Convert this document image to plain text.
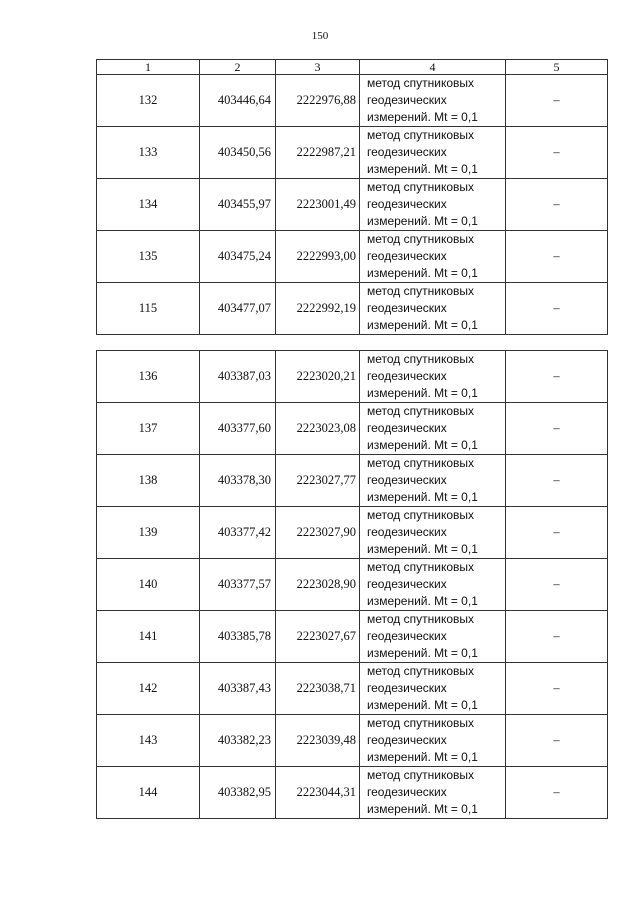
150
1	2	3	4	5
132	403446,64	2222976,88	метод спутниковых
геодезических
измерений. Mt = 0,1	–
133	403450,56	2222987,21	метод спутниковых
геодезических
измерений. Mt = 0,1	–
134	403455,97	2223001,49	метод спутниковых
геодезических
измерений. Mt = 0,1	–
135	403475,24	2222993,00	метод спутниковых
геодезических
измерений. Mt = 0,1	–
115	403477,07	2222992,19	метод спутниковых
геодезических
измерений. Mt = 0,1	–

136	403387,03	2223020,21	метод спутниковых
геодезических
измерений. Mt = 0,1	–
137	403377,60	2223023,08	метод спутниковых
геодезических
измерений. Mt = 0,1	–
138	403378,30	2223027,77	метод спутниковых
геодезических
измерений. Mt = 0,1	–
139	403377,42	2223027,90	метод спутниковых
геодезических
измерений. Mt = 0,1	–
140	403377,57	2223028,90	метод спутниковых
геодезических
измерений. Mt = 0,1	–
141	403385,78	2223027,67	метод спутниковых
геодезических
измерений. Mt = 0,1	–
142	403387,43	2223038,71	метод спутниковых
геодезических
измерений. Mt = 0,1	–
143	403382,23	2223039,48	метод спутниковых
геодезических
измерений. Mt = 0,1	–
144	403382,95	2223044,31	метод спутниковых
геодезических
измерений. Mt = 0,1	–
